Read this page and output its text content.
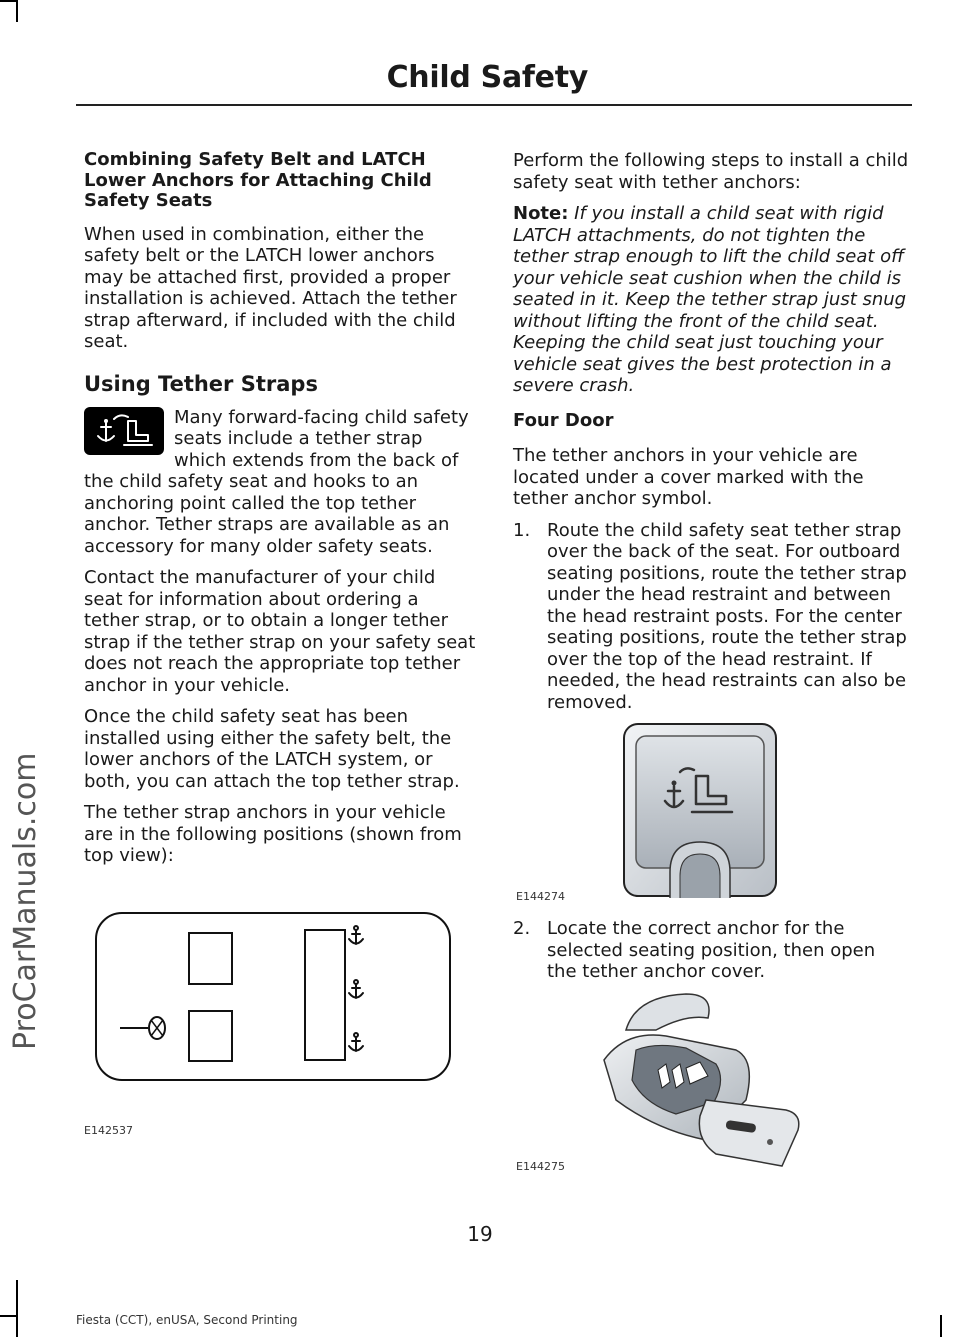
Child Safety
ProCarManuals.com
Combining Safety Belt and LATCH Lower Anchors for Attaching Child Safety Seats

When used in combination, either the safety belt or the LATCH lower anchors may be attached first, provided a proper installation is achieved. Attach the tether strap afterward, if included with the child seat.

Using Tether Straps
Many forward-facing child safety seats include a tether strap which extends from the back of the child safety seat and hooks to an anchoring point called the top tether anchor. Tether straps are available as an accessory for many older safety seats.

Contact the manufacturer of your child seat for information about ordering a tether strap, or to obtain a longer tether strap if the tether strap on your safety seat does not reach the appropriate top tether anchor in your vehicle.

Once the child safety seat has been installed using either the safety belt, the lower anchors of the LATCH system, or both, you can attach the top tether strap.

The tether strap anchors in your vehicle are in the following positions (shown from top view):

E142537

Perform the following steps to install a child safety seat with tether anchors:

Note: If you install a child seat with rigid LATCH attachments, do not tighten the tether strap enough to lift the child seat off your vehicle seat cushion when the child is seated in it. Keep the tether strap just snug without lifting the front of the child seat. Keeping the child seat just touching your vehicle seat gives the best protection in a severe crash.

Four Door

The tether anchors in your vehicle are located under a cover marked with the tether anchor symbol.

1. Route the child safety seat tether strap over the back of the seat. For outboard seating positions, route the tether strap under the head restraint and between the head restraint posts. For the center seating positions, route the tether strap over the top of the head restraint. If needed, the head restraints can also be removed.
E144274
2. Locate the correct anchor for the selected seating position, then open the tether anchor cover.
E144275
19
Fiesta (CCT), enUSA, Second Printing
